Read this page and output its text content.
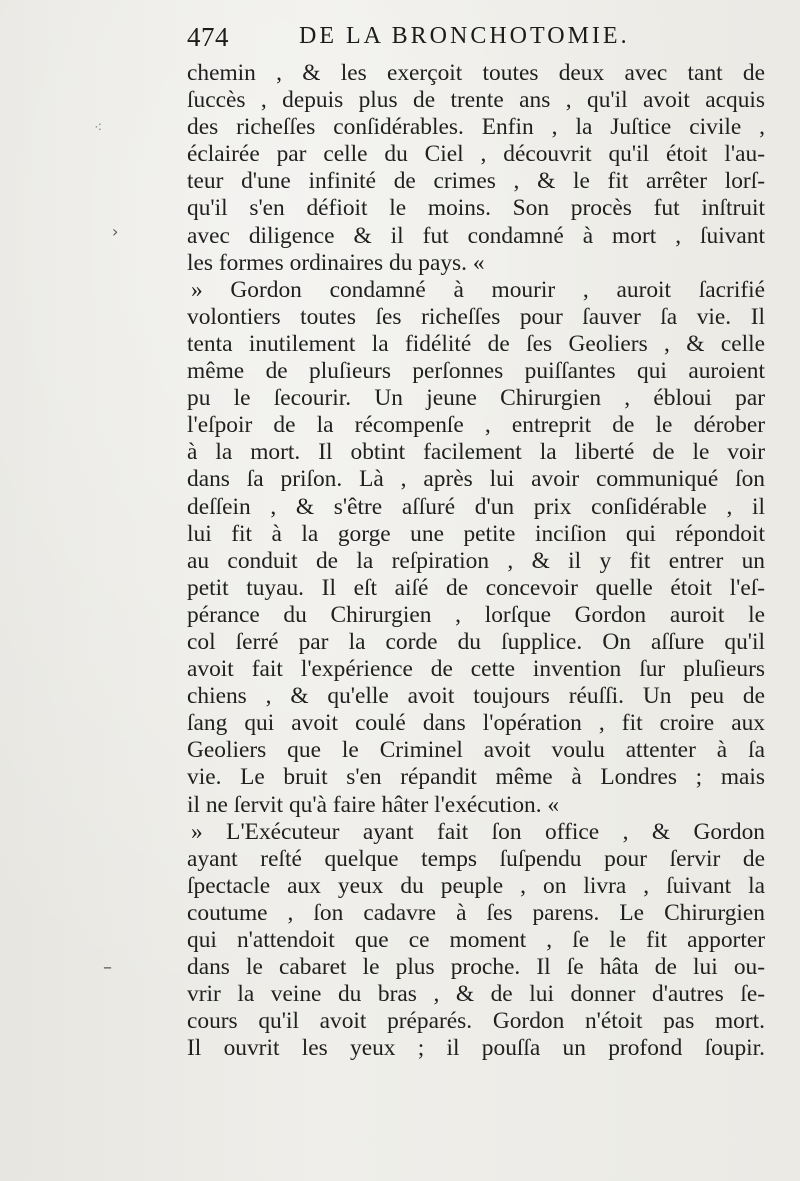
474	DE LA BRONCHOTOMIE.
chemin , & les exerçoit toutes deux avec tant de
ſuccès , depuis plus de trente ans , qu'il avoit acquis
des richeſſes conſidérables. Enfin , la Juſtice civile ,
éclairée par celle du Ciel , découvrit qu'il étoit l'au-
teur d'une infinité de crimes , & le fit arrêter lorſ-
qu'il s'en défioit le moins. Son procès fut inſtruit
avec diligence & il fut condamné à mort , ſuivant
les formes ordinaires du pays. «
» Gordon condamné à mourir , auroit ſacrifié
volontiers toutes ſes richeſſes pour ſauver ſa vie. Il
tenta inutilement la fidélité de ſes Geoliers , & celle
même de pluſieurs perſonnes puiſſantes qui auroient
pu le ſecourir. Un jeune Chirurgien , ébloui par
l'eſpoir de la récompenſe , entreprit de le dérober
à la mort. Il obtint facilement la liberté de le voir
dans ſa priſon. Là , après lui avoir communiqué ſon
deſſein , & s'être aſſuré d'un prix conſidérable , il
lui fit à la gorge une petite inciſion qui répondoit
au conduit de la reſpiration , & il y fit entrer un
petit tuyau. Il eſt aiſé de concevoir quelle étoit l'eſ-
pérance du Chirurgien , lorſque Gordon auroit le
col ſerré par la corde du ſupplice. On aſſure qu'il
avoit fait l'expérience de cette invention ſur pluſieurs
chiens , & qu'elle avoit toujours réuſſi. Un peu de
ſang qui avoit coulé dans l'opération , fit croire aux
Geoliers que le Criminel avoit voulu attenter à ſa
vie. Le bruit s'en répandit même à Londres ; mais
il ne ſervit qu'à faire hâter l'exécution. «
» L'Exécuteur ayant fait ſon office , & Gordon
ayant reſté quelque temps ſuſpendu pour ſervir de
ſpectacle aux yeux du peuple , on livra , ſuivant la
coutume , ſon cadavre à ſes parens. Le Chirurgien
qui n'attendoit que ce moment , ſe le fit apporter
dans le cabaret le plus proche. Il ſe hâta de lui ou-
vrir la veine du bras , & de lui donner d'autres ſe-
cours qu'il avoit préparés. Gordon n'étoit pas mort.
Il ouvrit les yeux ; il pouſſa un profond ſoupir.
⁖
›
–
